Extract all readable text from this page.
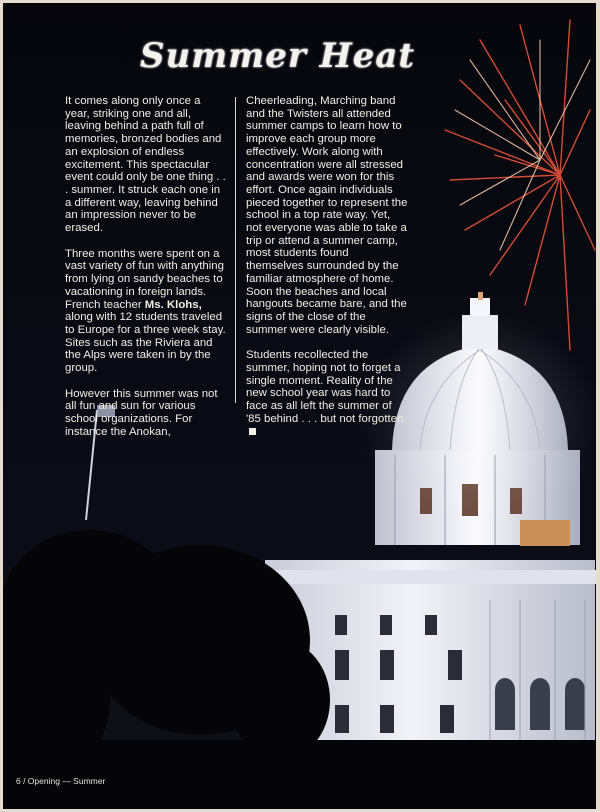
Summer Heat

It comes along only once a year, striking one and all, leaving behind a path full of memories, bronzed bodies and an explosion of endless excitement. This spectacular event could only be one thing . . . summer. It struck each one in a different way, leaving behind an impression never to be erased.

Three months were spent on a vast variety of fun with anything from lying on sandy beaches to vacationing in foreign lands. French teacher Ms. Klohs, along with 12 students traveled to Europe for a three week stay. Sites such as the Riviera and the Alps were taken in by the group.

However this summer was not all fun and sun for various school organizations. For instance the Anokan,

Cheerleading, Marching band and the Twisters all attended summer camps to learn how to improve each group more effectively. Work along with concentration were all stressed and awards were won for this effort. Once again individuals pieced together to represent the school in a top rate way. Yet, not everyone was able to take a trip or attend a summer camp, most students found themselves surrounded by the familiar atmosphere of home. Soon the beaches and local hangouts became bare, and the signs of the close of the summer were clearly visible.

Students recollected the summer, hoping not to forget a single moment. Reality of the new school year was hard to face as all left the summer of '85 behind . . . but not forgotten.

6 / Opening — Summer
